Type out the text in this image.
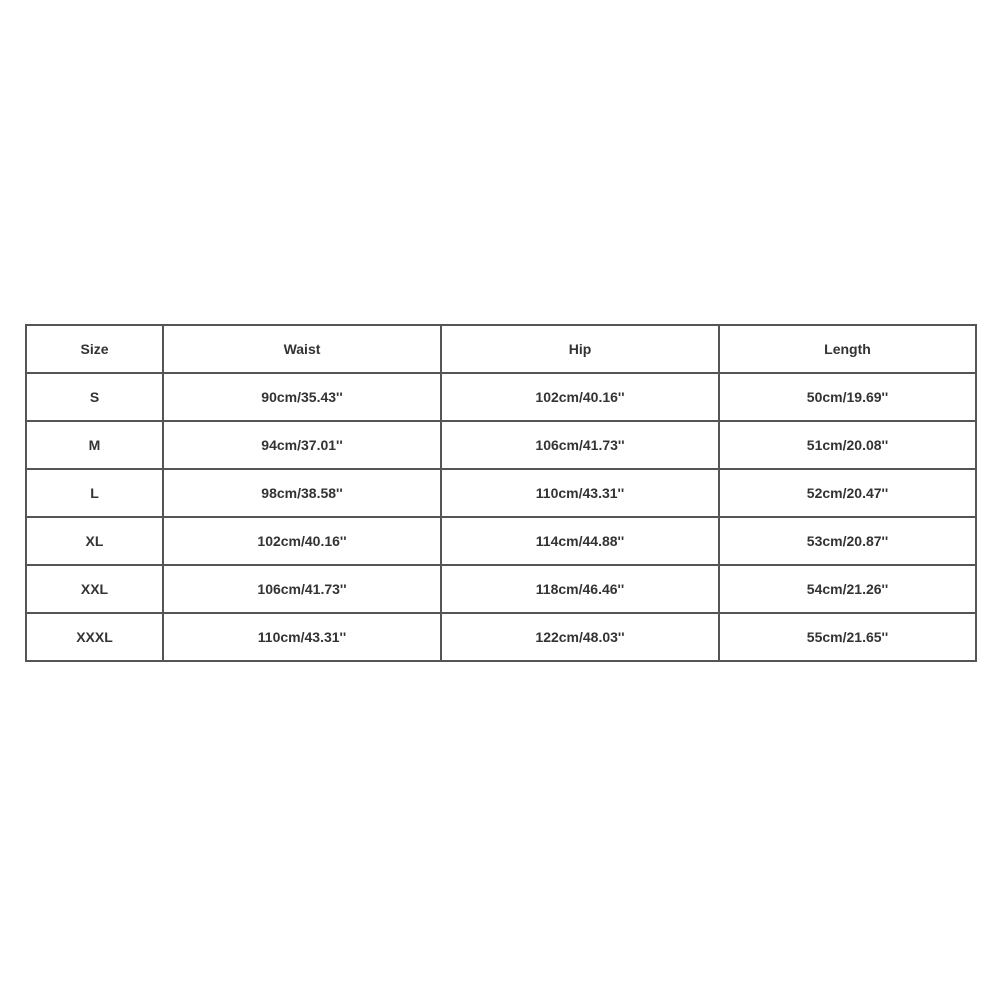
Size	Waist	Hip	Length
S	90cm/35.43''	102cm/40.16''	50cm/19.69''
M	94cm/37.01''	106cm/41.73''	51cm/20.08''
L	98cm/38.58''	110cm/43.31''	52cm/20.47''
XL	102cm/40.16''	114cm/44.88''	53cm/20.87''
XXL	106cm/41.73''	118cm/46.46''	54cm/21.26''
XXXL	110cm/43.31''	122cm/48.03''	55cm/21.65''
